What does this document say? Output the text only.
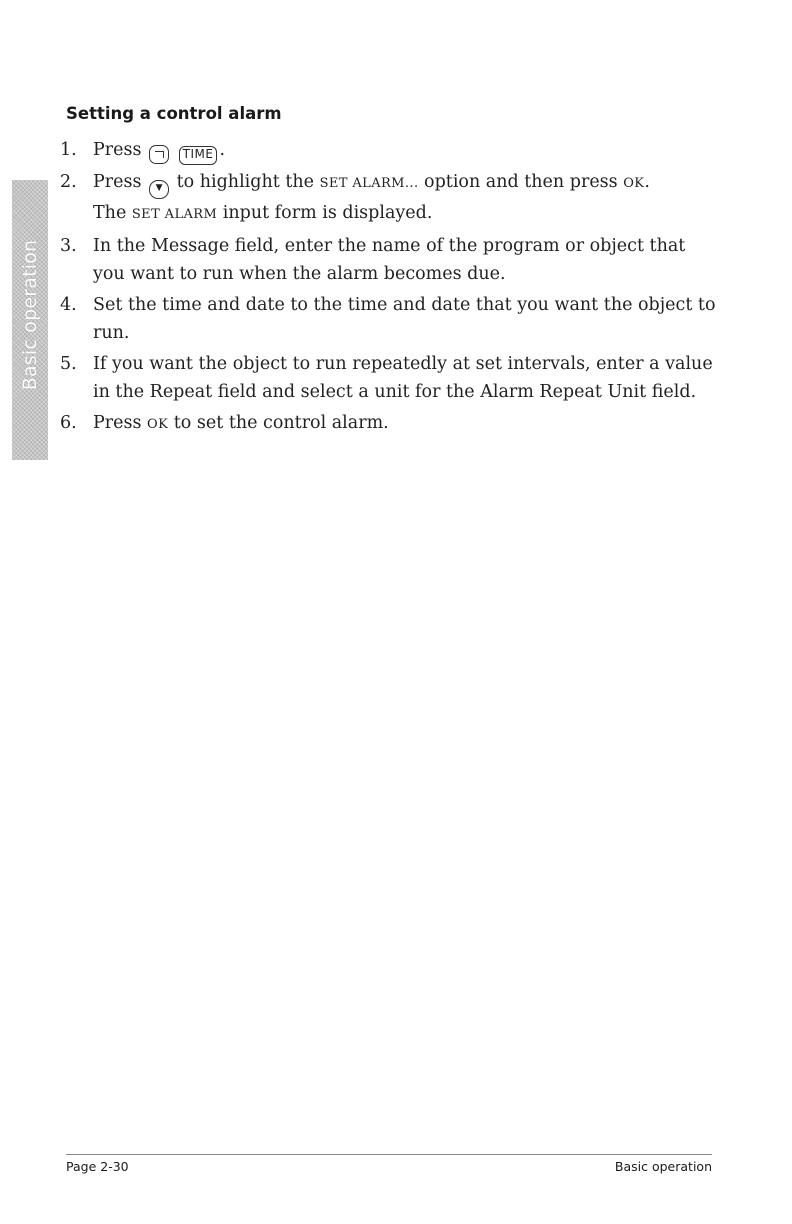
Basic operation
Setting a control alarm
1. Press	TIME .
2. Press ▼ to highlight the SET ALARM... option and then press OK.
The SET ALARM input form is displayed.
3. In the Message field, enter the name of the program or object that you want to run when the alarm becomes due.
4. Set the time and date to the time and date that you want the object to run.
5. If you want the object to run repeatedly at set intervals, enter a value in the Repeat field and select a unit for the Alarm Repeat Unit field.
6. Press OK to set the control alarm.
Page 2-30	Basic operation
